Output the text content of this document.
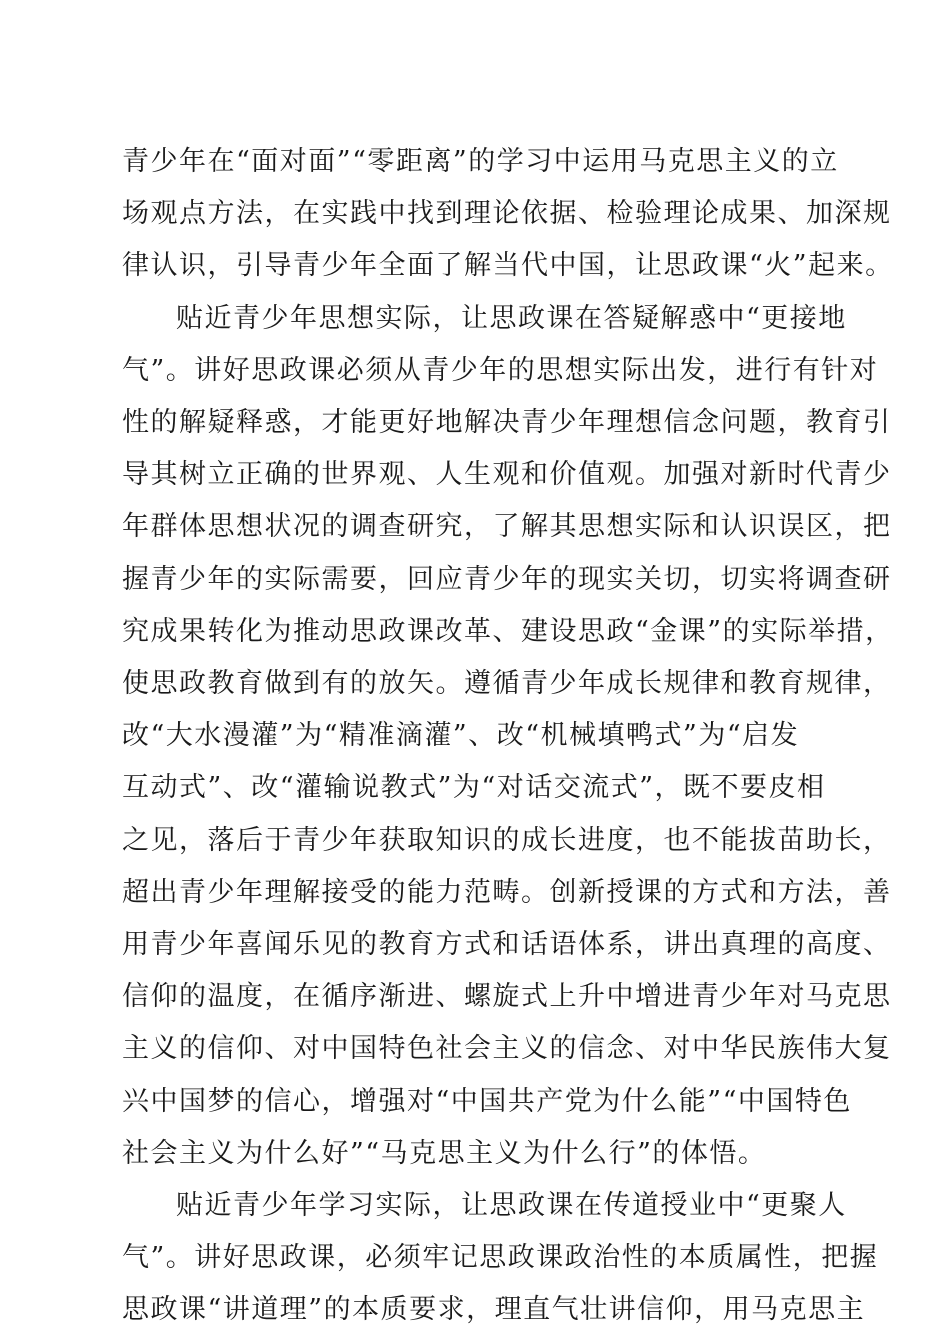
青少年在“面对面”“零距离”的学习中运用马克思主义的立
场观点方法，在实践中找到理论依据、检验理论成果、加深规
律认识，引导青少年全面了解当代中国，让思政课“火”起来。
贴近青少年思想实际，让思政课在答疑解惑中“更接地
气”。讲好思政课必须从青少年的思想实际出发，进行有针对
性的解疑释惑，才能更好地解决青少年理想信念问题，教育引
导其树立正确的世界观、人生观和价值观。加强对新时代青少
年群体思想状况的调查研究，了解其思想实际和认识误区，把
握青少年的实际需要，回应青少年的现实关切，切实将调查研
究成果转化为推动思政课改革、建设思政“金课”的实际举措，
使思政教育做到有的放矢。遵循青少年成长规律和教育规律，
改“大水漫灌”为“精准滴灌”、改“机械填鸭式”为“启发
互动式”、改“灌输说教式”为“对话交流式”，既不要皮相
之见，落后于青少年获取知识的成长进度，也不能拔苗助长，
超出青少年理解接受的能力范畴。创新授课的方式和方法，善
用青少年喜闻乐见的教育方式和话语体系，讲出真理的高度、
信仰的温度，在循序渐进、螺旋式上升中增进青少年对马克思
主义的信仰、对中国特色社会主义的信念、对中华民族伟大复
兴中国梦的信心，增强对“中国共产党为什么能”“中国特色
社会主义为什么好”“马克思主义为什么行”的体悟。
贴近青少年学习实际，让思政课在传道授业中“更聚人
气”。讲好思政课，必须牢记思政课政治性的本质属性，把握
思政课“讲道理”的本质要求，理直气壮讲信仰，用马克思主
